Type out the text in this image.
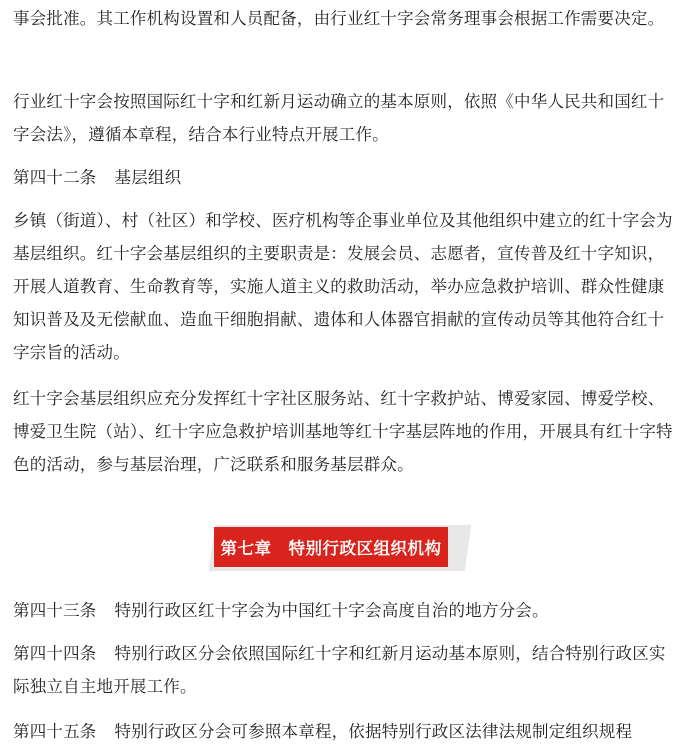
事会批准。其工作机构设置和人员配备，由行业红十字会常务理事会根据工作需要决定。

行业红十字会按照国际红十字和红新月运动确立的基本原则，依照《中华人民共和国红十字会法》，遵循本章程，结合本行业特点开展工作。

第四十二条 基层组织

乡镇（街道）、村（社区）和学校、医疗机构等企事业单位及其他组织中建立的红十字会为基层组织。红十字会基层组织的主要职责是：发展会员、志愿者，宣传普及红十字知识，开展人道教育、生命教育等，实施人道主义的救助活动，举办应急救护培训、群众性健康知识普及及无偿献血、造血干细胞捐献、遗体和人体器官捐献的宣传动员等其他符合红十字宗旨的活动。

红十字会基层组织应充分发挥红十字社区服务站、红十字救护站、博爱家园、博爱学校、博爱卫生院（站）、红十字应急救护培训基地等红十字基层阵地的作用，开展具有红十字特色的活动，参与基层治理，广泛联系和服务基层群众。

第四十三条 特别行政区红十字会为中国红十字会高度自治的地方分会。

第四十四条 特别行政区分会依照国际红十字和红新月运动基本原则，结合特别行政区实际独立自主地开展工作。

第四十五条 特别行政区分会可参照本章程，依据特别行政区法律法规制定组织规程

第七章　特别行政区组织机构
